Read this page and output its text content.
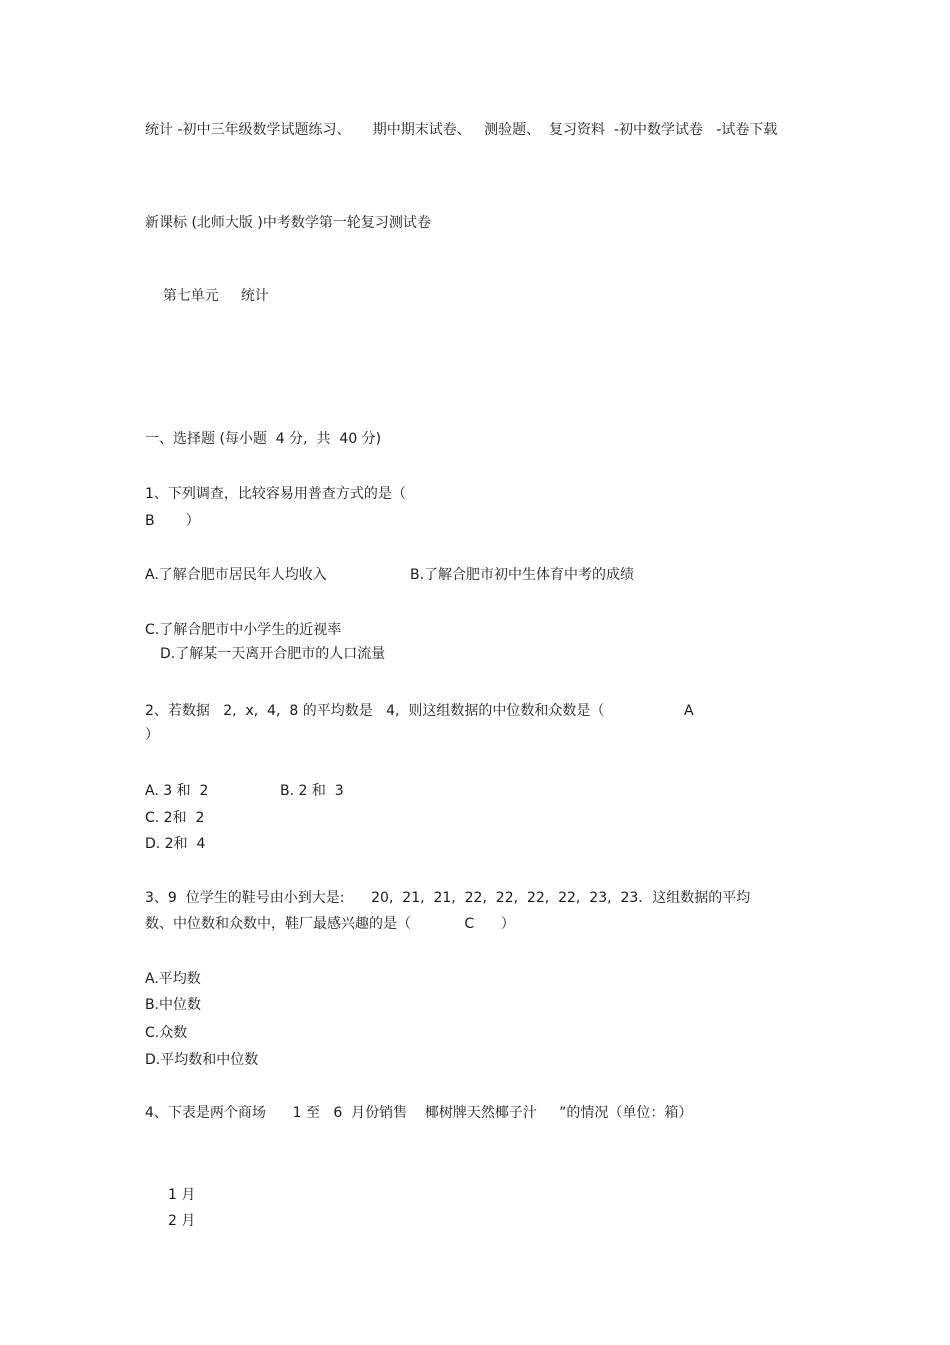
统计 -初中三年级数学试题练习、     期中期末试卷、   测验题、  复习资料  -初中数学试卷   -试卷下载
新课标 (北师大版 )中考数学第一轮复习测试卷

第七单元 统计

一、选择题 (每小题  4 分,  共  40 分)
1、下列调查，比较容易用普查方式的是（
B       ）
A.了解合肥市居民年人均收入	B.了解合肥市初中生体育中考的成绩
C.了解合肥市中小学生的近视率
D.了解某一天离开合肥市的人口流量
2、若数据   2,  x,  4,  8 的平均数是   4,  则这组数据的中位数和众数是（	A
）
A. 3 和  2	B. 2 和  3
C. 2和  2
D. 2和  4
3、9  位学生的鞋号由小到大是:      20,  21,  21,  22,  22,  22,  22,  23,  23．这组数据的平均
数、中位数和众数中，鞋厂最感兴趣的是（            C      ）
A.平均数
B.中位数
C.众数
D.平均数和中位数
4、下表是两个商场      1 至   6  月份销售    椰树牌天然椰子汁     ”的情况（单位：箱）
1 月
2 月
